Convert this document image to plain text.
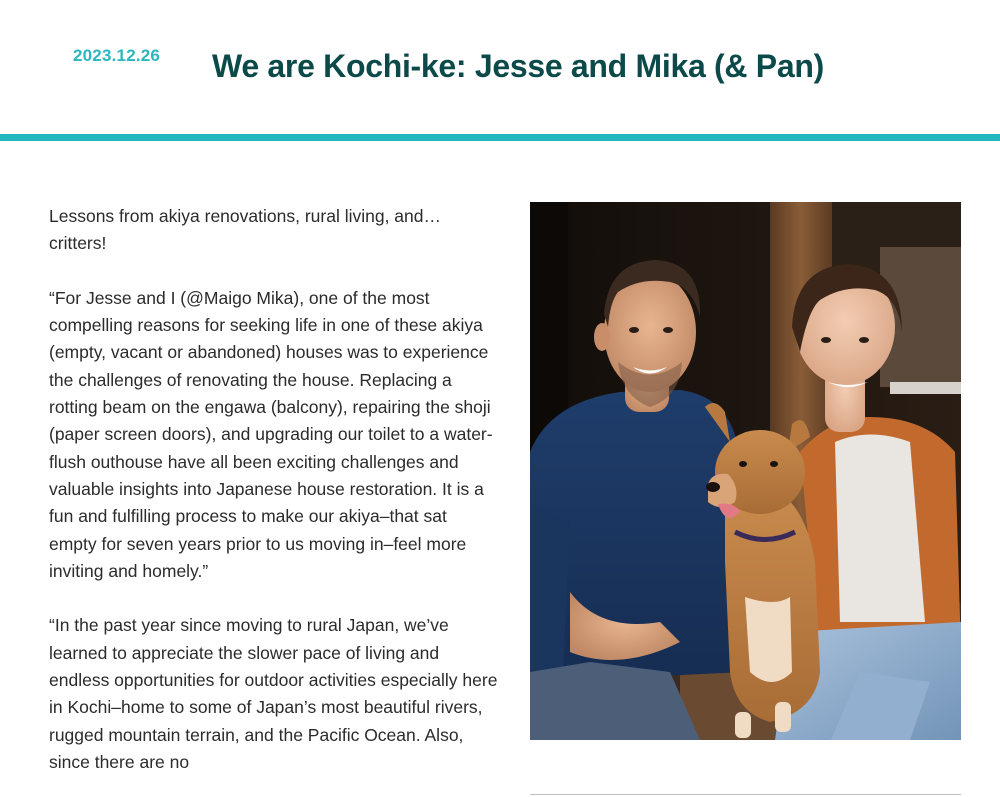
2023.12.26 We are Kochi-ke: Jesse and Mika (& Pan)

Lessons from akiya renovations, rural living, and… critters!

“For Jesse and I (@Maigo Mika), one of the most compelling reasons for seeking life in one of these akiya (empty, vacant or abandoned) houses was to experience the challenges of renovating the house. Replacing a rotting beam on the engawa (balcony), repairing the shoji (paper screen doors), and upgrading our toilet to a water-flush outhouse have all been exciting challenges and valuable insights into Japanese house restoration. It is a fun and fulfilling process to make our akiya–that sat empty for seven years prior to us moving in–feel more inviting and homely.”

“In the past year since moving to rural Japan, we’ve learned to appreciate the slower pace of living and endless opportunities for outdoor activities especially here in Kochi–home to some of Japan’s most beautiful rivers, rugged mountain terrain, and the Pacific Ocean. Also, since there are no
